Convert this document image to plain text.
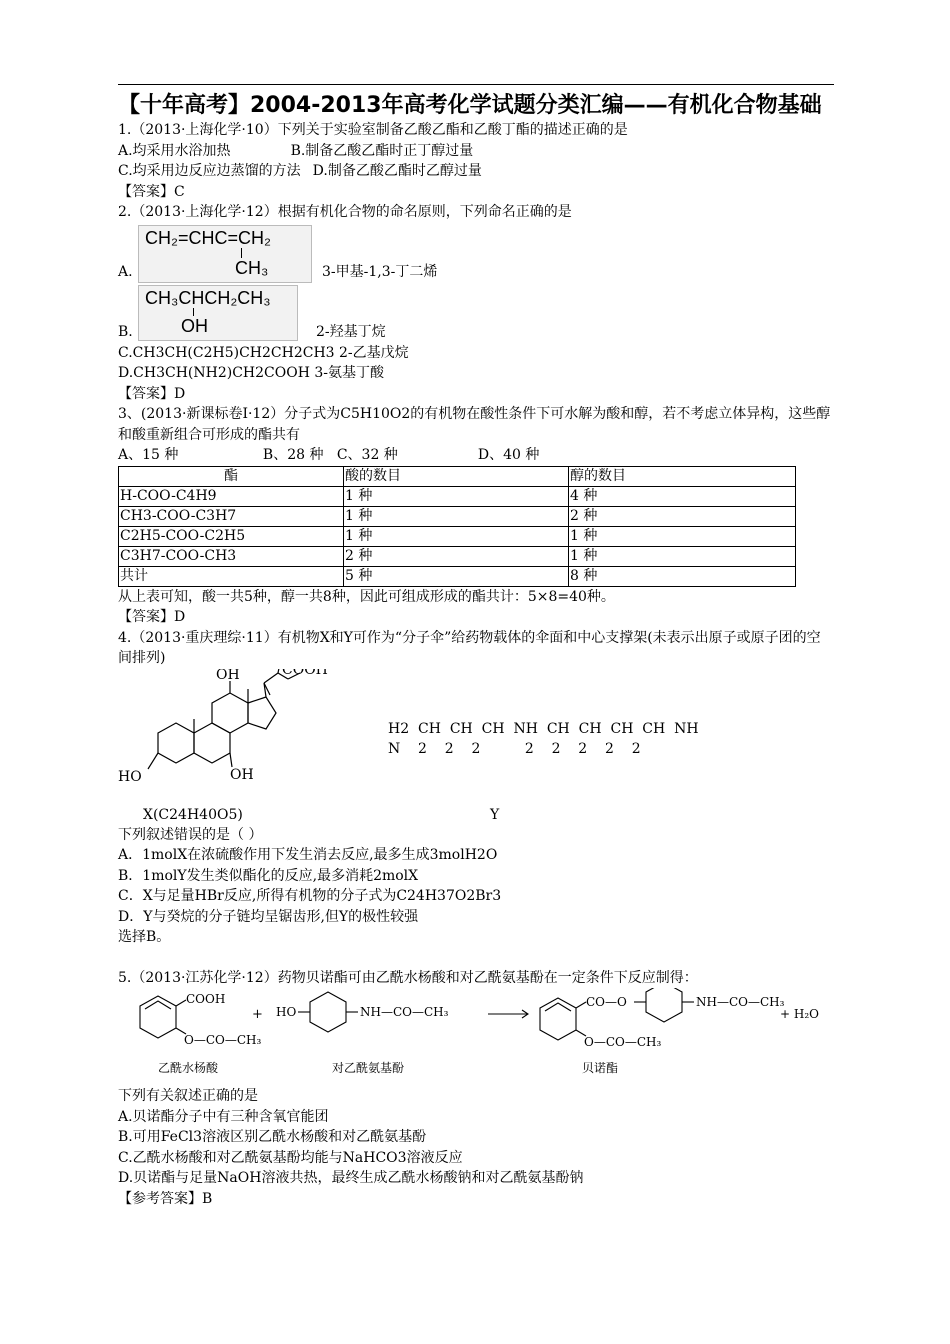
【十年高考】2004-2013年高考化学试题分类汇编——有机化合物基础
1.（2013·上海化学·10）下列关于实验室制备乙酸乙酯和乙酸丁酯的描述正确的是
A.均采用水浴加热	B.制备乙酸乙酯时正丁醇过量
C.均采用边反应边蒸馏的方法 D.制备乙酸乙酯时乙醇过量
【答案】C
2.（2013·上海化学·12）根据有机化合物的命名原则，下列命名正确的是
A.
CH₂=CHC=CH₂
CH₃	3-甲基-1,3-丁二烯
B.
CH₃CHCH₂CH₃
OH	2-羟基丁烷
C.CH3CH(C2H5)CH2CH2CH3 2-乙基戊烷
D.CH3CH(NH2)CH2COOH 3-氨基丁酸
【答案】D
3、(2013·新课标卷Ⅰ·12）分子式为C5H10O2的有机物在酸性条件下可水解为酸和醇，若不考虑立体异构，这些醇和酸重新组合可形成的酯共有
A、15 种                   B、28 种   C、32 种                  D、40 种
酯	酸的数目	醇的数目
H-COO-C4H9	1 种	4 种
CH3-COO-C3H7	1 种	2 种
C2H5-COO-C2H5	1 种	1 种
C3H7-COO-CH3	2 种	1 种
共计	5 种	8 种
从上表可知，酸一共5种，醇一共8种，因此可组成形成的酯共计：5×8=40种。
【答案】D
4.（2013·重庆理综·11）有机物X和Y可作为“分子伞”给药物载体的伞面和中心支撑架(未表示出原子或原子团的空间排列)
OH	COOH
HO	OH
X(C24H40O5)
H2  CH  CH  CH  NH  CH  CH  CH  CH  NH
N    2    2    2          2    2    2    2    2
Y
下列叙述错误的是（ ）
A．1molX在浓硫酸作用下发生消去反应,最多生成3molH2O
B．1molY发生类似酯化的反应,最多消耗2molX
C．X与足量HBr反应,所得有机物的分子式为C24H37O2Br3
D．Y与癸烷的分子链均呈锯齿形,但Y的极性较强
选择B。
5.（2013·江苏化学·12）药物贝诺酯可由乙酰水杨酸和对乙酰氨基酚在一定条件下反应制得：
COOH
O—CO—CH₃
乙酰水杨酸
+ HO	NH—CO—CH₃
对乙酰氨基酚
CO—O	NH—CO—CH₃
O—CO—CH₃
贝诺酯
+ H₂O
下列有关叙述正确的是
A.贝诺酯分子中有三种含氧官能团
B.可用FeCl3溶液区别乙酰水杨酸和对乙酰氨基酚
C.乙酰水杨酸和对乙酰氨基酚均能与NaHCO3溶液反应
D.贝诺酯与足量NaOH溶液共热，最终生成乙酰水杨酸钠和对乙酰氨基酚钠
【参考答案】B
